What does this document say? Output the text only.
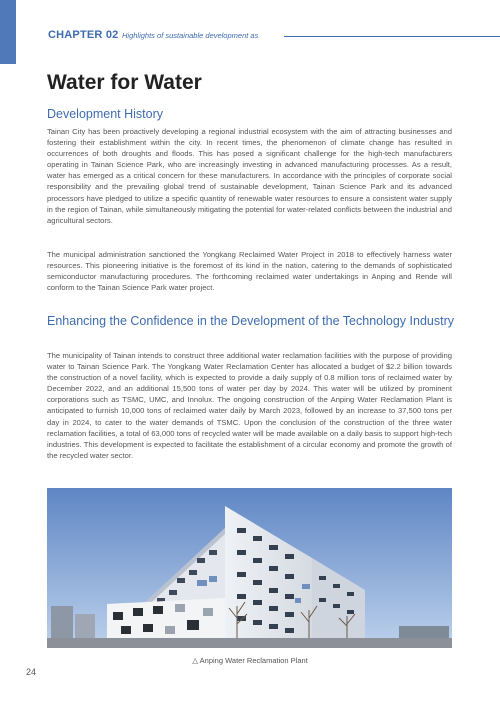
CHAPTER 02 Highlights of sustainable development as
Water for Water
Development History

Tainan City has been proactively developing a regional industrial ecosystem with the aim of attracting businesses and fostering their establishment within the city. In recent times, the phenomenon of climate change has resulted in occurrences of both droughts and floods. This has posed a significant challenge for the high-tech manufacturers operating in Tainan Science Park, who are increasingly investing in advanced manufacturing processes. As a result, water has emerged as a critical concern for these manufacturers. In accordance with the principles of corporate social responsibility and the prevailing global trend of sustainable development, Tainan Science Park and its advanced processors have pledged to utilize a specific quantity of renewable water resources to ensure a consistent water supply in the region of Tainan, while simultaneously mitigating the potential for water-related conflicts between the industrial and agricultural sectors.

The municipal administration sanctioned the Yongkang Reclaimed Water Project in 2018 to effectively harness water resources. This pioneering initiative is the foremost of its kind in the nation, catering to the demands of sophisticated semiconductor manufacturing procedures. The forthcoming reclaimed water undertakings in Anping and Rende will conform to the Tainan Science Park water project.

Enhancing the Confidence in the Development of the Technology Industry

The municipality of Tainan intends to construct three additional water reclamation facilities with the purpose of providing water to Tainan Science Park. The Yongkang Water Reclamation Center has allocated a budget of $2.2 billion towards the construction of a novel facility, which is expected to provide a daily supply of 0.8 million tons of reclaimed water by December 2022, and an additional 15,500 tons of water per day by 2024. This water will be utilized by prominent corporations such as TSMC, UMC, and Innolux. The ongoing construction of the Anping Water Reclamation Plant is anticipated to furnish 10,000 tons of reclaimed water daily by March 2023, followed by an increase to 37,500 tons per day in 2024, to cater to the water demands of TSMC. Upon the conclusion of the construction of the three water reclamation facilities, a total of 63,000 tons of recycled water will be made available on a daily basis to support high-tech industries. This development is expected to facilitate the establishment of a circular economy and promote the growth of the recycled water sector.

△ Anping Water Reclamation Plant
24
